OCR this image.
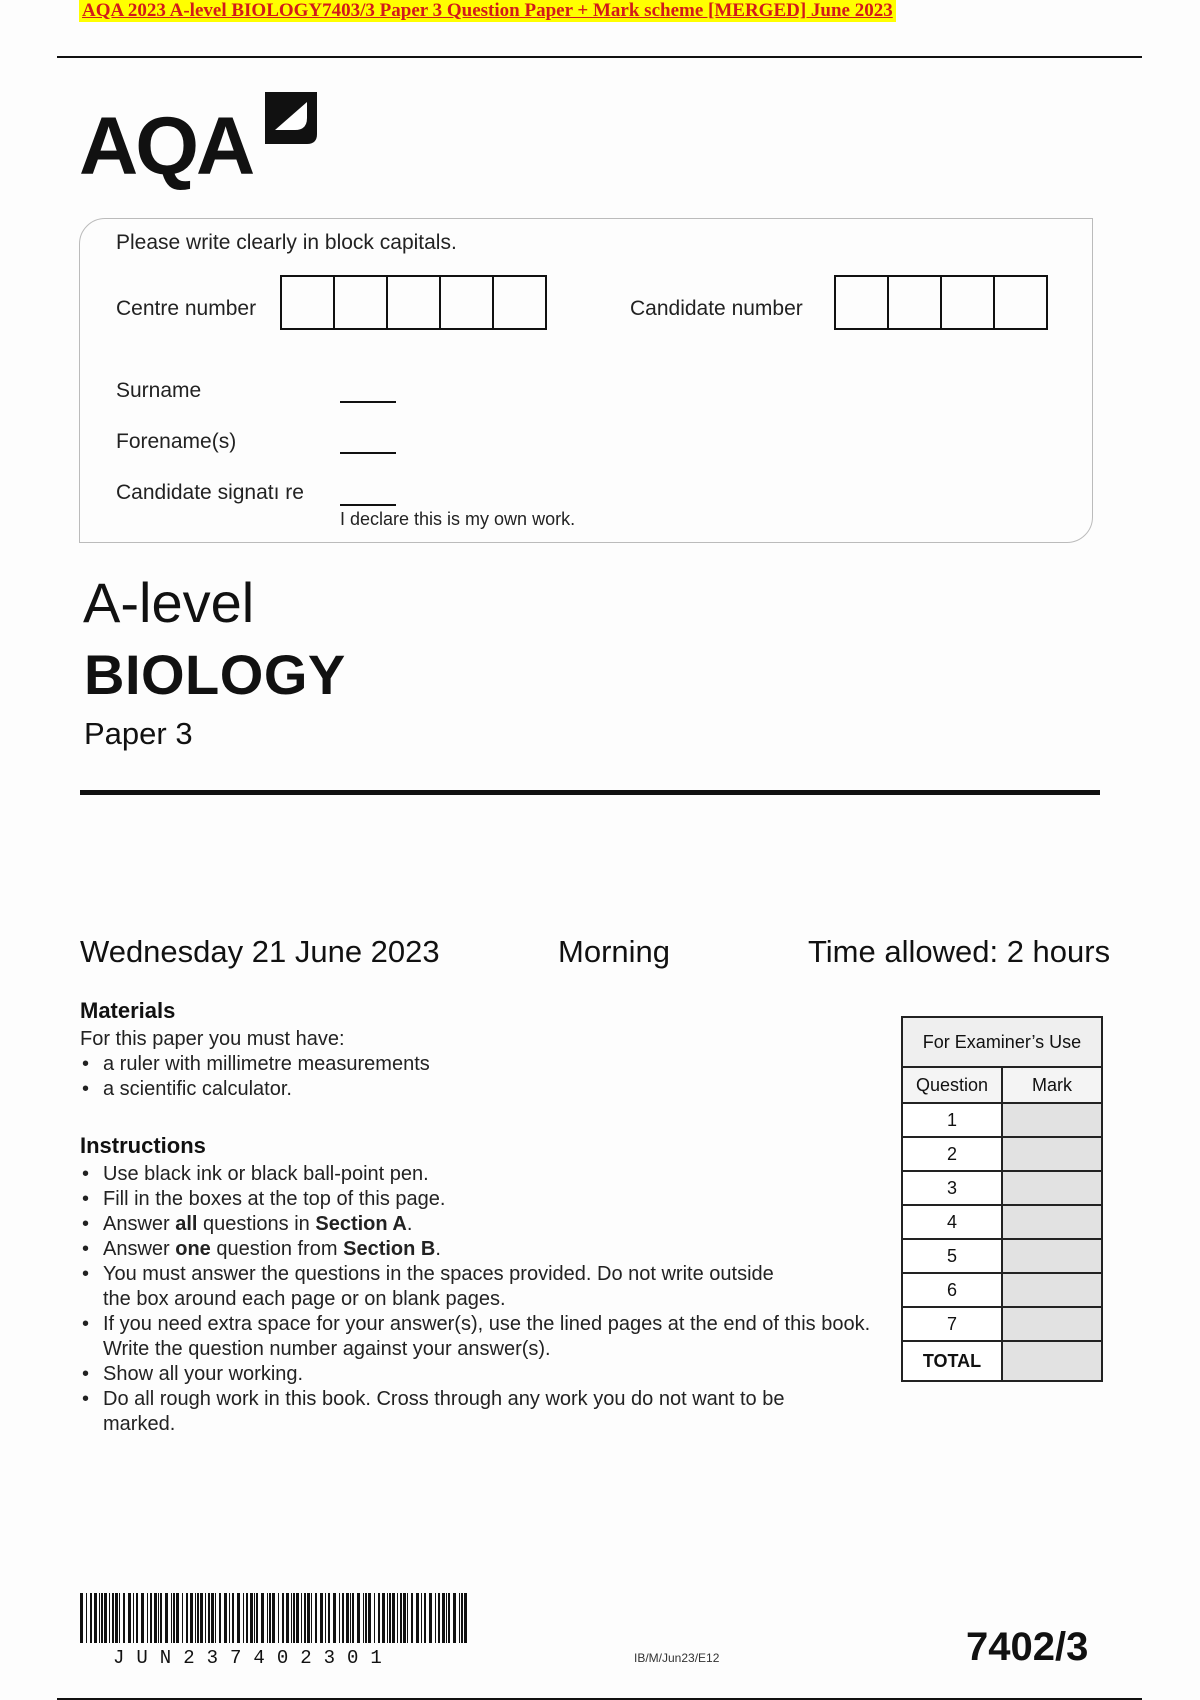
AQA 2023 A-level BIOLOGY7403/3 Paper 3 Question Paper + Mark scheme [MERGED] June 2023
AQA
Please write clearly in block capitals.
Centre number	Candidate number
Surname
Forename(s)
Candidate signatı re
I declare this is my own work.
A-level
BIOLOGY
Paper 3
Wednesday 21 June 2023	Morning	Time allowed: 2 hours
Materials
For this paper you must have:
• a ruler with millimetre measurements
• a scientific calculator.
Instructions
• Use black ink or black ball-point pen.
• Fill in the boxes at the top of this page.
• Answer all questions in Section A.
• Answer one question from Section B.
• You must answer the questions in the spaces provided. Do not write outside the box around each page or on blank pages.
• If you need extra space for your answer(s), use the lined pages at the end of this book. Write the question number against your answer(s).
• Show all your working.
• Do all rough work in this book. Cross through any work you do not want to be marked.
For Examiner’s Use	
Question	Mark
1	
2	
3	
4	
5	
6	
7	
TOTAL	
JUN237402301	IB/M/Jun23/E12	7402/3
